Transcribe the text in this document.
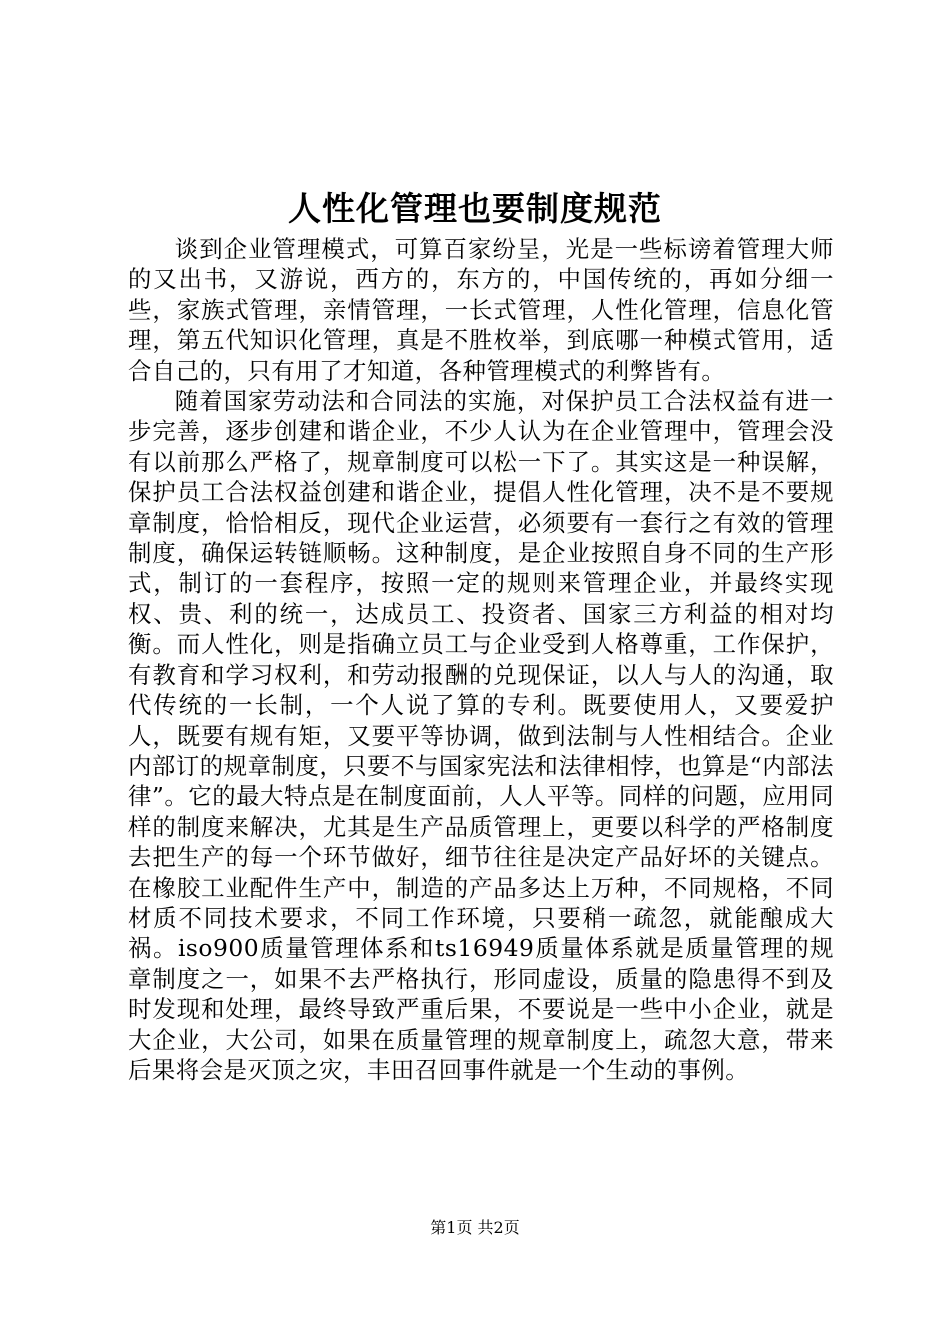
人性化管理也要制度规范

谈到企业管理模式，可算百家纷呈，光是一些标谤着管理大师的又出书，又游说，西方的，东方的，中国传统的，再如分细一些，家族式管理，亲情管理，一长式管理，人性化管理，信息化管理，第五代知识化管理，真是不胜枚举，到底哪一种模式管用，适合自己的，只有用了才知道，各种管理模式的利弊皆有。

随着国家劳动法和合同法的实施，对保护员工合法权益有进一步完善，逐步创建和谐企业，不少人认为在企业管理中，管理会没有以前那么严格了，规章制度可以松一下了。其实这是一种误解，保护员工合法权益创建和谐企业，提倡人性化管理，决不是不要规章制度，恰恰相反，现代企业运营，必须要有一套行之有效的管理制度，确保运转链顺畅。这种制度，是企业按照自身不同的生产形式，制订的一套程序，按照一定的规则来管理企业，并最终实现权、贵、利的统一，达成员工、投资者、国家三方利益的相对均衡。而人性化，则是指确立员工与企业受到人格尊重，工作保护，有教育和学习权利，和劳动报酬的兑现保证，以人与人的沟通，取代传统的一长制，一个人说了算的专利。既要使用人，又要爱护人，既要有规有矩，又要平等协调，做到法制与人性相结合。企业内部订的规章制度，只要不与国家宪法和法律相悖，也算是“内部法律”。它的最大特点是在制度面前，人人平等。同样的问题，应用同样的制度来解决，尤其是生产品质管理上，更要以科学的严格制度去把生产的每一个环节做好，细节往往是决定产品好坏的关键点。在橡胶工业配件生产中，制造的产品多达上万种，不同规格，不同材质不同技术要求，不同工作环境，只要稍一疏忽，就能酿成大祸。iso900质量管理体系和ts16949质量体系就是质量管理的规章制度之一，如果不去严格执行，形同虚设，质量的隐患得不到及时发现和处理，最终导致严重后果，不要说是一些中小企业，就是大企业，大公司，如果在质量管理的规章制度上，疏忽大意，带来后果将会是灭顶之灾，丰田召回事件就是一个生动的事例。

第1页 共2页
